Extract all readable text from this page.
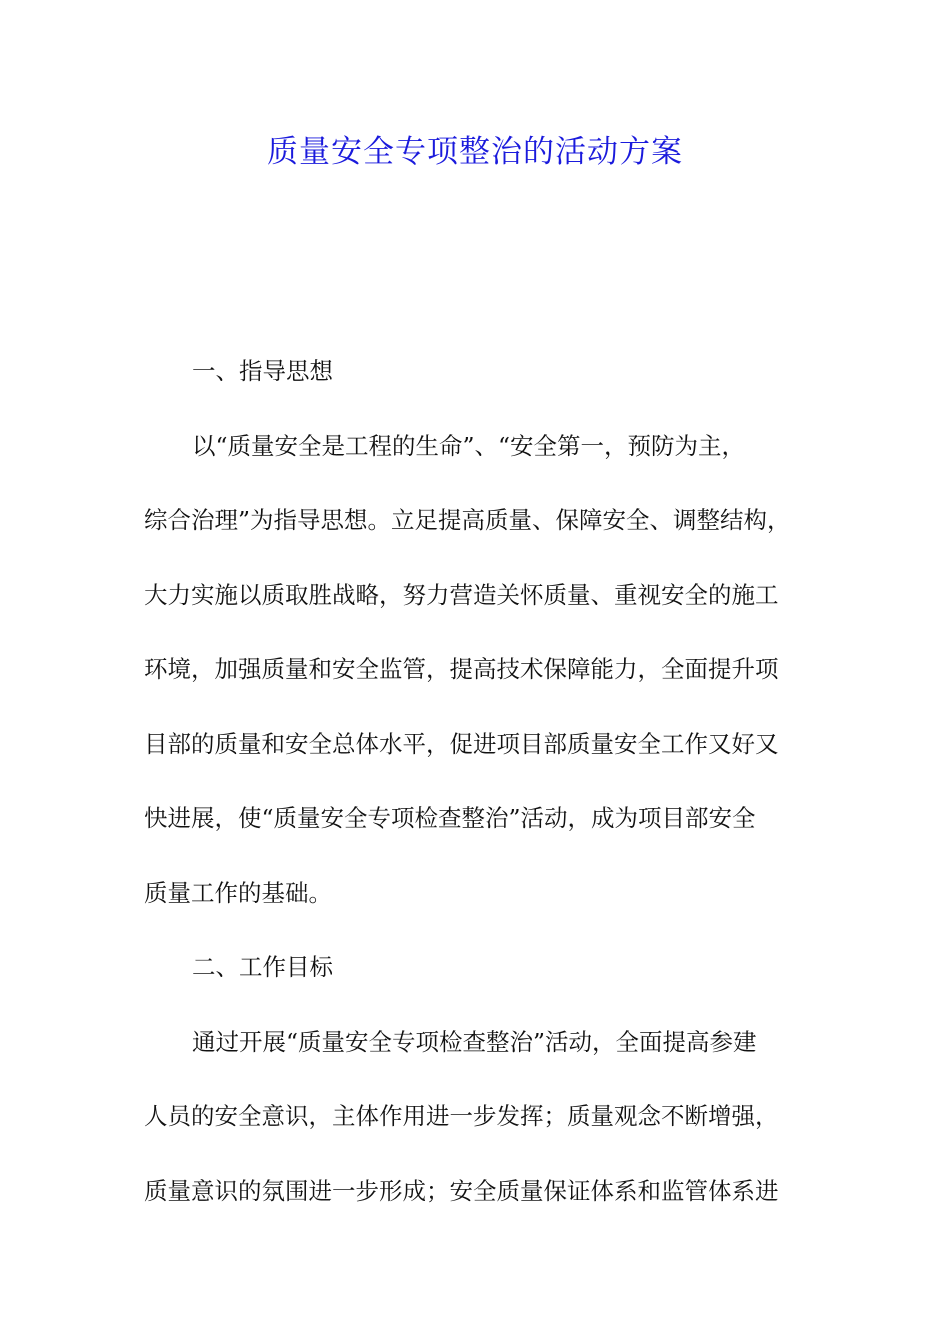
质量安全专项整治的活动方案
一、指导思想
以“质量安全是工程的生命”、“安全第一，预防为主，
综合治理”为指导思想。立足提高质量、保障安全、调整结构，
大力实施以质取胜战略，努力营造关怀质量、重视安全的施工
环境，加强质量和安全监管，提高技术保障能力，全面提升项
目部的质量和安全总体水平，促进项目部质量安全工作又好又
快进展，使“质量安全专项检查整治”活动，成为项目部安全
质量工作的基础。
二、工作目标
通过开展“质量安全专项检查整治”活动，全面提高参建
人员的安全意识，主体作用进一步发挥；质量观念不断增强，
质量意识的氛围进一步形成；安全质量保证体系和监管体系进
